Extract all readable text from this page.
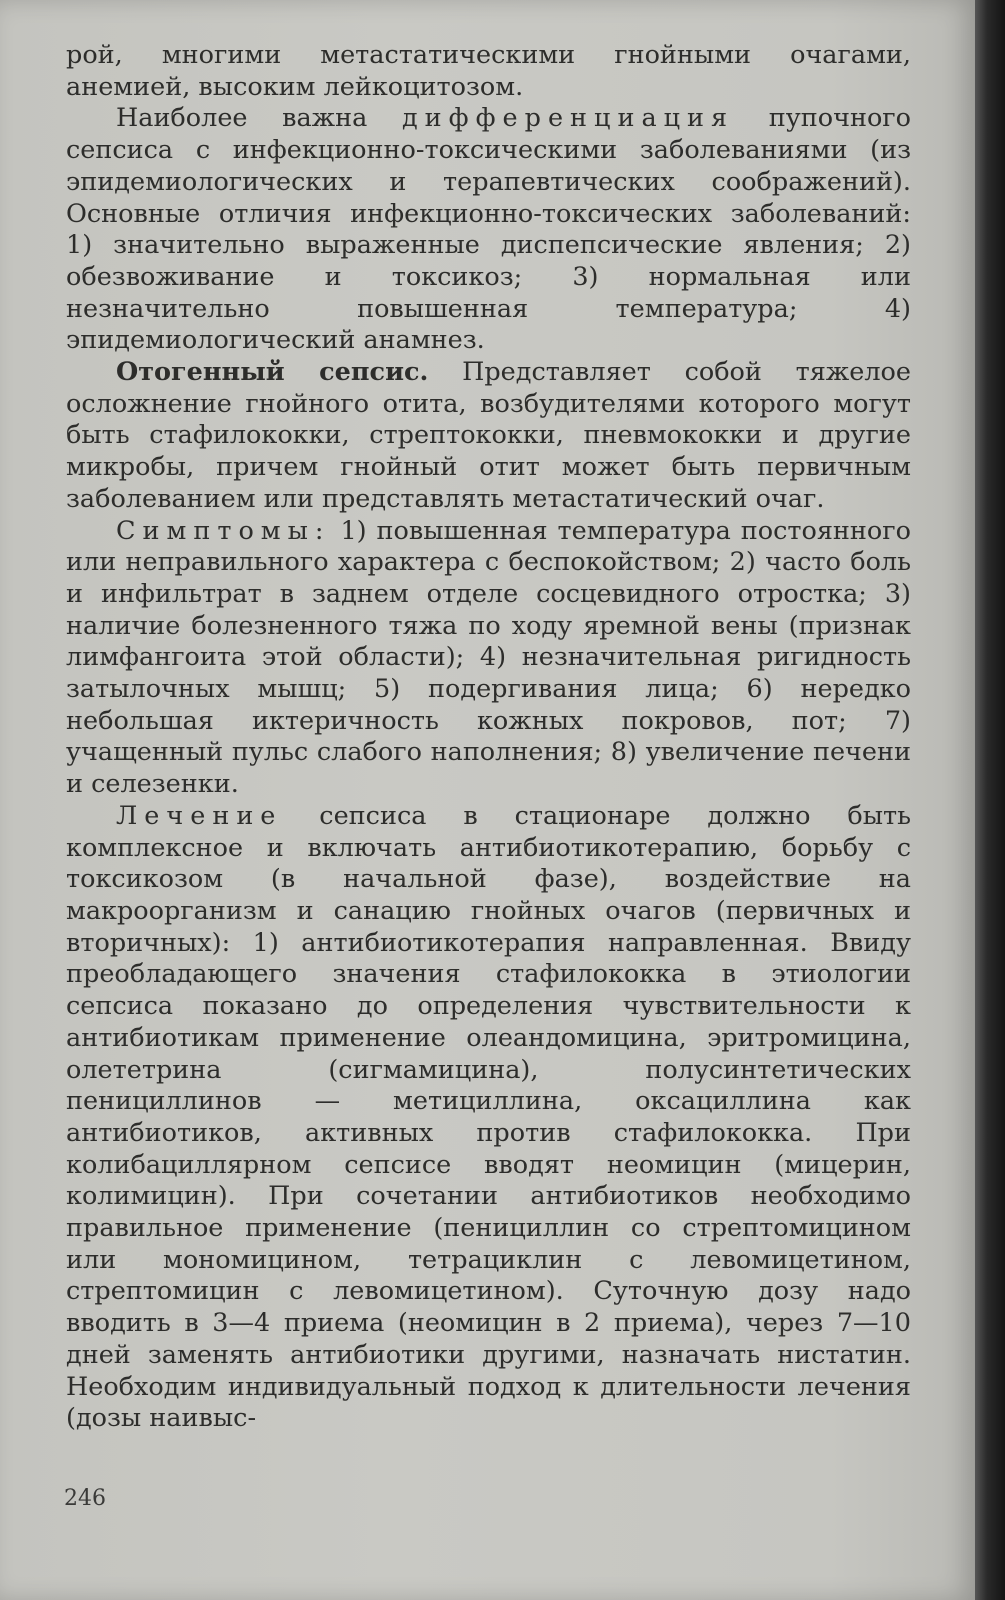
рой, многими метастатическими гнойными очагами, анемией, высоким лейкоцитозом.

Наиболее важна дифференциация пупочного сепсиса с инфекционно-токсическими заболеваниями (из эпидемиологических и терапевтических соображений). Основные отличия инфекционно-токсических заболеваний: 1) значительно выраженные диспепсические явления; 2) обезвоживание и токсикоз; 3) нормальная или незначительно повышенная температура; 4) эпидемиологический анамнез.

Отогенный сепсис. Представляет собой тяжелое осложнение гнойного отита, возбудителями которого могут быть стафилококки, стрептококки, пневмококки и другие микробы, причем гнойный отит может быть первичным заболеванием или представлять метастатический очаг.

Симптомы: 1) повышенная температура постоянного или неправильного характера с беспокойством; 2) часто боль и инфильтрат в заднем отделе сосцевидного отростка; 3) наличие болезненного тяжа по ходу яремной вены (признак лимфангоита этой области); 4) незначительная ригидность затылочных мышц; 5) подергивания лица; 6) нередко небольшая иктеричность кожных покровов, пот; 7) учащенный пульс слабого наполнения; 8) увеличение печени и селезенки.

Лечение сепсиса в стационаре должно быть комплексное и включать антибиотикотерапию, борьбу с токсикозом (в начальной фазе), воздействие на макроорганизм и санацию гнойных очагов (первичных и вторичных): 1) антибиотикотерапия направленная. Ввиду преобладающего значения стафилококка в этиологии сепсиса показано до определения чувствительности к антибиотикам применение олеандомицина, эритромицина, олететрина (сигмамицина), полусинтетических пенициллинов — метициллина, оксациллина как антибиотиков, активных против стафилококка. При колибациллярном сепсисе вводят неомицин (мицерин, колимицин). При сочетании антибиотиков необходимо правильное применение (пенициллин со стрептомицином или мономицином, тетрациклин с левомицетином, стрептомицин с левомицетином). Суточную дозу надо вводить в 3—4 приема (неомицин в 2 приема), через 7—10 дней заменять антибиотики другими, назначать нистатин. Необходим индивидуальный подход к длительности лечения (дозы наивыс-

246
